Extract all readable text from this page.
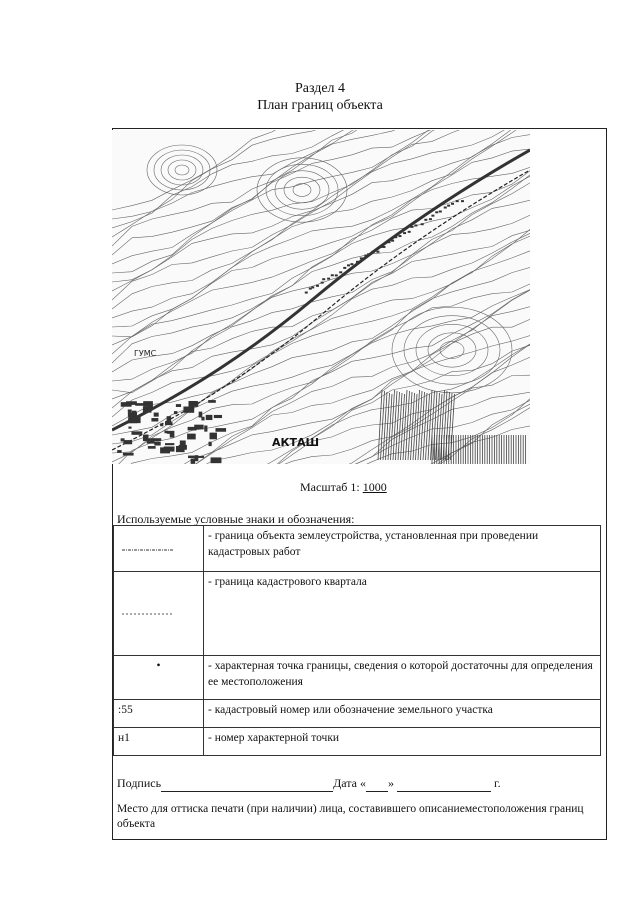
Раздел 4
План границ объекта
АКТАШ
ГУМС
Масштаб 1: 1000
Используемые условные знаки и обозначения:
	- граница объекта землеустройства, установленная при проведении кадастровых работ
	- граница кадастрового квартала
•	- характерная точка границы, сведения о которой достаточны для определения ее местоположения
:55	- кадастровый номер или обозначение земельного участка
н1	- номер характерной точки
Подпись	Дата « »	г.
Место для оттиска печати (при наличии) лица, составившего описаниеместоположения границ объекта
